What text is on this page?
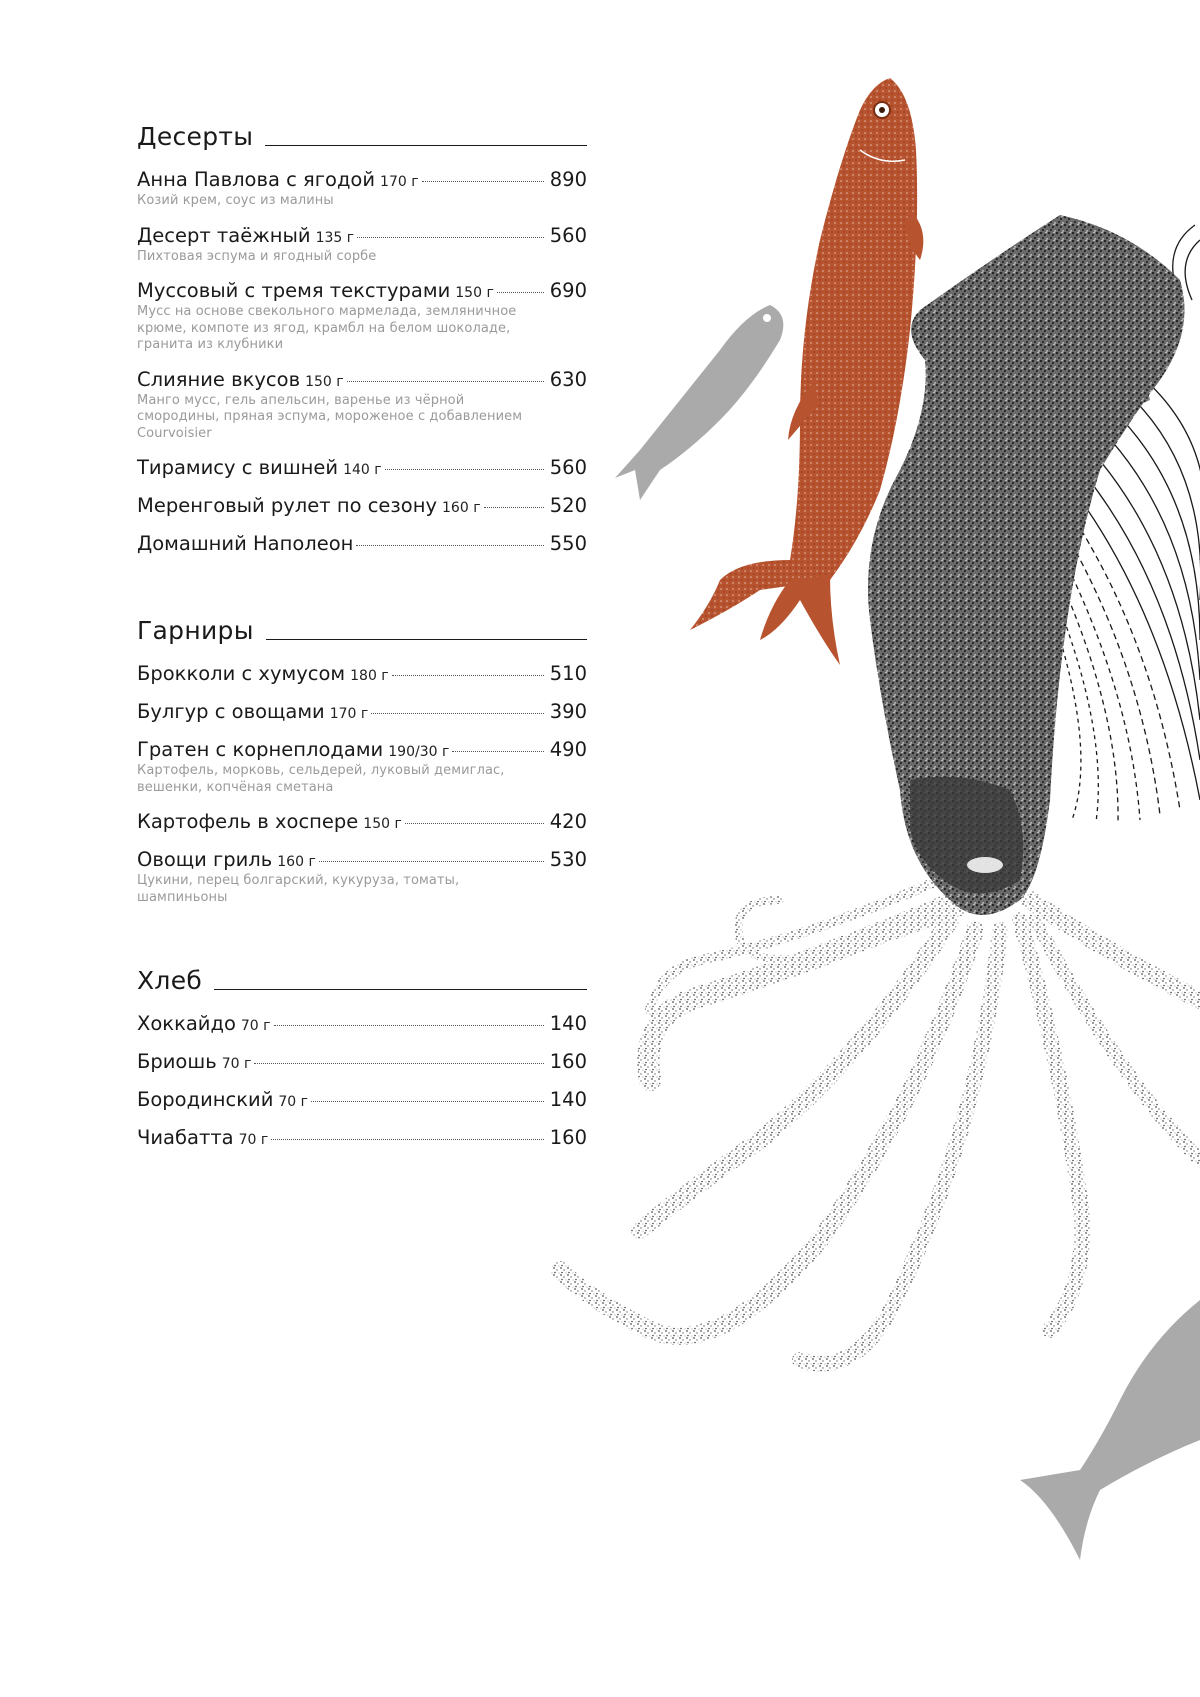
Десерты
Анна Павлова с ягодой 170 г	890
Козий крем, соус из малины
Десерт таёжный 135 г	560
Пихтовая эспума и ягодный сорбе
Муссовый с тремя текстурами 150 г	690
Мусс на основе свекольного мармелада, земляничное крюме, компоте из ягод, крамбл на белом шоколаде, гранита из клубники
Слияние вкусов 150 г	630
Манго мусс, гель апельсин, варенье из чёрной смородины, пряная эспума, мороженое с добавлением Courvoisier
Тирамису с вишней 140 г	560
Меренговый рулет по сезону 160 г	520
Домашний Наполеон	550
Гарниры
Брокколи с хумусом 180 г	510
Булгур с овощами 170 г	390
Гратен с корнеплодами 190/30 г	490
Картофель, морковь, сельдерей, луковый демиглас, вешенки, копчёная сметана
Картофель в хоспере 150 г	420
Овощи гриль 160 г	530
Цукини, перец болгарский, кукуруза, томаты, шампиньоны
Хлеб
Хоккайдо 70 г	140
Бриошь 70 г	160
Бородинский 70 г	140
Чиабатта 70 г	160
